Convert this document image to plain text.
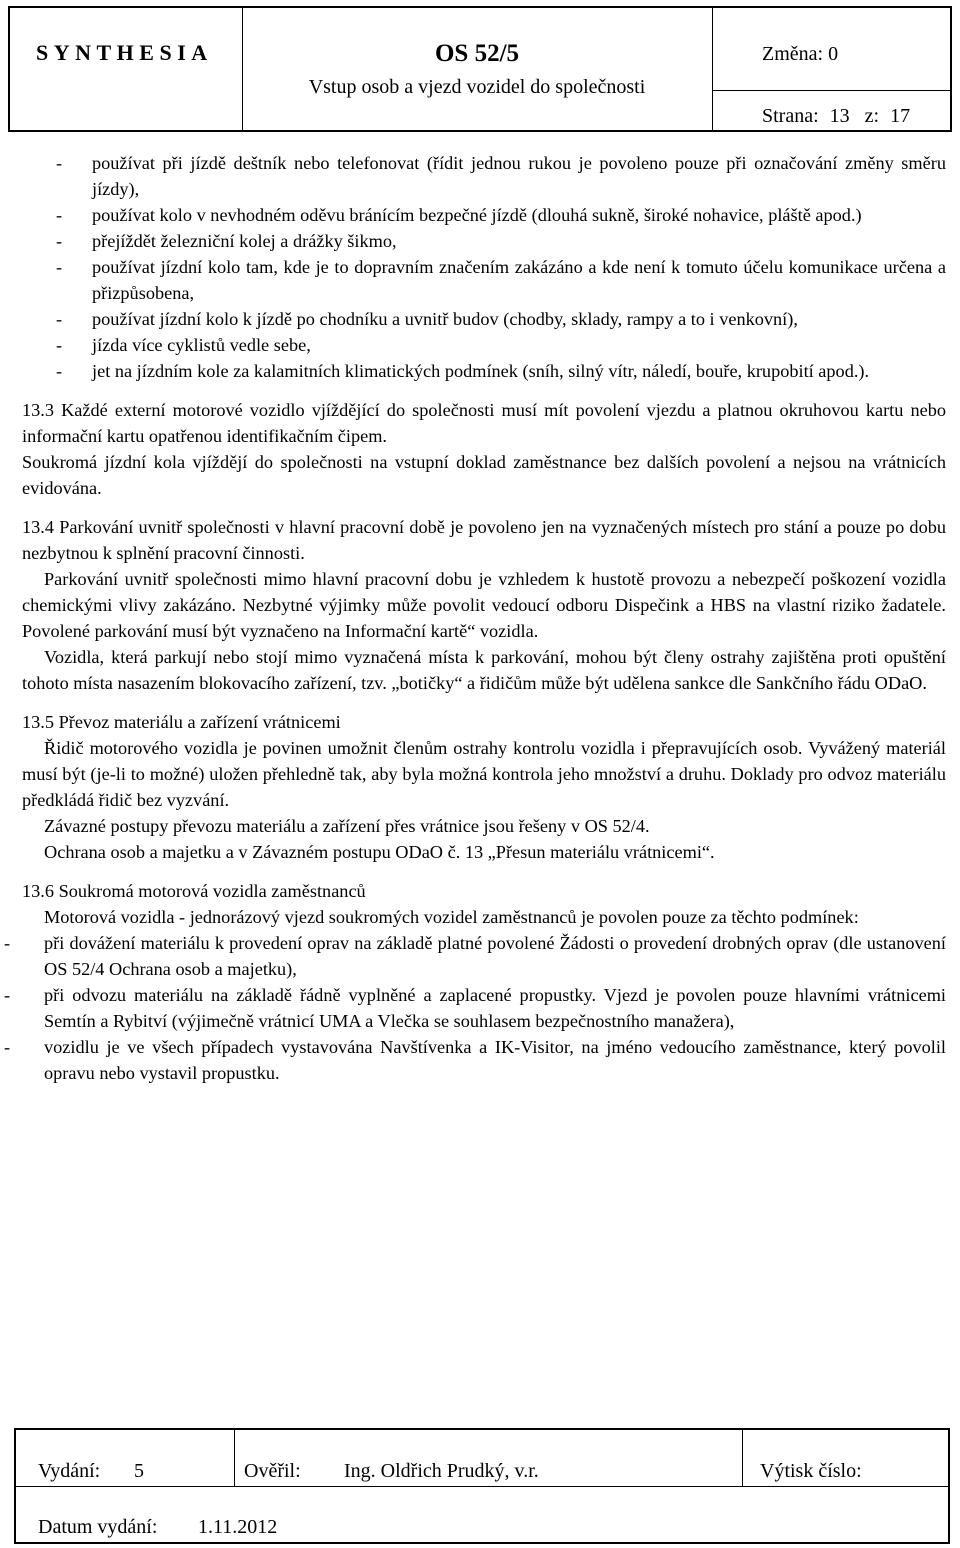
SYNTHESIA	OS 52/5
Vstup osob a vjezd vozidel do společnosti
Změna: 0
Strana: 13 z: 17

- používat při jízdě deštník nebo telefonovat (řídit jednou rukou je povoleno pouze při označování změny směru jízdy),

- používat kolo v nevhodném oděvu bránícím bezpečné jízdě (dlouhá sukně, široké nohavice, pláště apod.)

- přejíždět železniční kolej a drážky šikmo,

- používat jízdní kolo tam, kde je to dopravním značením zakázáno a kde není k tomuto účelu komunikace určena a přizpůsobena,

- používat jízdní kolo k jízdě po chodníku a uvnitř budov (chodby, sklady, rampy a to i venkovní),

- jízda více cyklistů vedle sebe,

- jet na jízdním kole za kalamitních klimatických podmínek (sníh, silný vítr, náledí, bouře, krupobití apod.).

13.3 Každé externí motorové vozidlo vjíždějící do společnosti musí mít povolení vjezdu a platnou okruhovou kartu nebo informační kartu opatřenou identifikačním čipem.

Soukromá jízdní kola vjíždějí do společnosti na vstupní doklad zaměstnance bez dalších povolení a nejsou na vrátnicích evidována.

13.4 Parkování uvnitř společnosti v hlavní pracovní době je povoleno jen na vyznačených místech pro stání a pouze po dobu nezbytnou k splnění pracovní činnosti.

Parkování uvnitř společnosti mimo hlavní pracovní dobu je vzhledem k hustotě provozu a nebezpečí poškození vozidla chemickými vlivy zakázáno. Nezbytné výjimky může povolit vedoucí odboru Dispečink a HBS na vlastní riziko žadatele. Povolené parkování musí být vyznačeno na Informační kartě“ vozidla.

Vozidla, která parkují nebo stojí mimo vyznačená místa k parkování, mohou být členy ostrahy zajištěna proti opuštění tohoto místa nasazením blokovacího zařízení, tzv. „botičky“ a řidičům může být udělena sankce dle Sankčního řádu ODaO.

13.5 Převoz materiálu a zařízení vrátnicemi

Řidič motorového vozidla je povinen umožnit členům ostrahy kontrolu vozidla i přepravujících osob. Vyvážený materiál musí být (je-li to možné) uložen přehledně tak, aby byla možná kontrola jeho množství a druhu. Doklady pro odvoz materiálu předkládá řidič bez vyzvání.

Závazné postupy převozu materiálu a zařízení přes vrátnice jsou řešeny v OS 52/4.

Ochrana osob a majetku a v Závazném postupu ODaO č. 13 „Přesun materiálu vrátnicemi“.

13.6 Soukromá motorová vozidla zaměstnanců

Motorová vozidla - jednorázový vjezd soukromých vozidel zaměstnanců je povolen pouze za těchto podmínek:

- při dovážení materiálu k provedení oprav na základě platné povolené Žádosti o provedení drobných oprav (dle ustanovení OS 52/4 Ochrana osob a majetku),

- při odvozu materiálu na základě řádně vyplněné a zaplacené propustky. Vjezd je povolen pouze hlavními vrátnicemi Semtín a Rybitví (výjimečně vrátnicí UMA a Vlečka se souhlasem bezpečnostního manažera),

- vozidlu je ve všech případech vystavována Navštívenka a IK-Visitor, na jméno vedoucího zaměstnance, který povolil opravu nebo vystavil propustku.

Vydání: 5	Ověřil: Ing. Oldřich Prudký, v.r.	Výtisk číslo:
Datum vydání: 1.11.2012
